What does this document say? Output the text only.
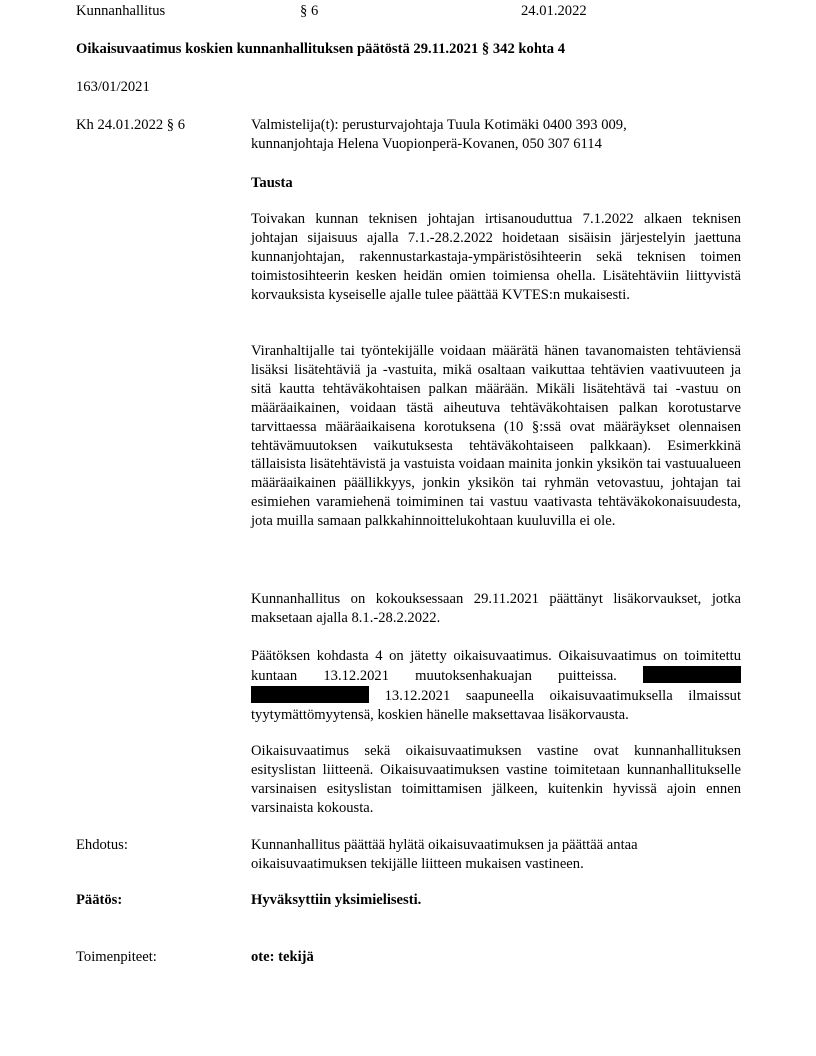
Kunnanhallitus	§ 6	24.01.2022
Oikaisuvaatimus koskien kunnanhallituksen päätöstä 29.11.2021 § 342 kohta 4
163/01/2021
Kh 24.01.2022 § 6	Valmistelija(t): perusturvajohtaja Tuula Kotimäki 0400 393 009,
kunnanjohtaja Helena Vuopionperä-Kovanen, 050 307 6114
Tausta
Toivakan kunnan teknisen johtajan irtisanouduttua 7.1.2022 alkaen teknisen johtajan sijaisuus ajalla 7.1.-28.2.2022 hoidetaan sisäisin järjestelyin jaettuna kunnanjohtajan, rakennustarkastaja-ympäristösihteerin sekä teknisen toimen toimistosihteerin kesken heidän omien toimiensa ohella. Lisätehtäviin liittyvistä korvauksista kyseiselle ajalle tulee päättää KVTES:n mukaisesti.
Viranhaltijalle tai työntekijälle voidaan määrätä hänen tavanomaisten tehtäviensä lisäksi lisätehtäviä ja -vastuita, mikä osaltaan vaikuttaa tehtävien vaativuuteen ja sitä kautta tehtäväkohtaisen palkan määrään. Mikäli lisätehtävä tai -vastuu on määräaikainen, voidaan tästä aiheutuva tehtäväkohtaisen palkan korotustarve tarvittaessa määräaikaisena korotuksena (10 §:ssä ovat määräykset olennaisen tehtävämuutoksen vaikutuksesta tehtäväkohtaiseen palkkaan). Esimerkkinä tällaisista lisätehtävistä ja vastuista voidaan mainita jonkin yksikön tai vastuualueen määräaikainen päällikkyys, jonkin yksikön tai ryhmän vetovastuu, johtajan tai esimiehen varamiehenä toimiminen tai vastuu vaativasta tehtäväkokonaisuudesta, jota muilla samaan palkkahinnoittelukohtaan kuuluvilla ei ole.
Kunnanhallitus on kokouksessaan 29.11.2021 päättänyt lisäkorvaukset, jotka maksetaan ajalla 8.1.-28.2.2022.
Päätöksen kohdasta 4 on jätetty oikaisuvaatimus. Oikaisuvaatimus on toimitettu kuntaan 13.12.2021 muutoksenhakuajan puitteissa.   13.12.2021 saapuneella oikaisuvaatimuksella ilmaissut tyytymättömyytensä, koskien hänelle maksettavaa lisäkorvausta.
Oikaisuvaatimus sekä oikaisuvaatimuksen vastine ovat kunnanhallituksen esityslistan liitteenä. Oikaisuvaatimuksen vastine toimitetaan kunnanhallitukselle varsinaisen esityslistan toimittamisen jälkeen, kuitenkin hyvissä ajoin ennen varsinaista kokousta.
Ehdotus:	Kunnanhallitus päättää hylätä oikaisuvaatimuksen ja päättää antaa oikaisuvaatimuksen tekijälle liitteen mukaisen vastineen.
Päätös:	Hyväksyttiin yksimielisesti.
Toimenpiteet:	ote: tekijä
